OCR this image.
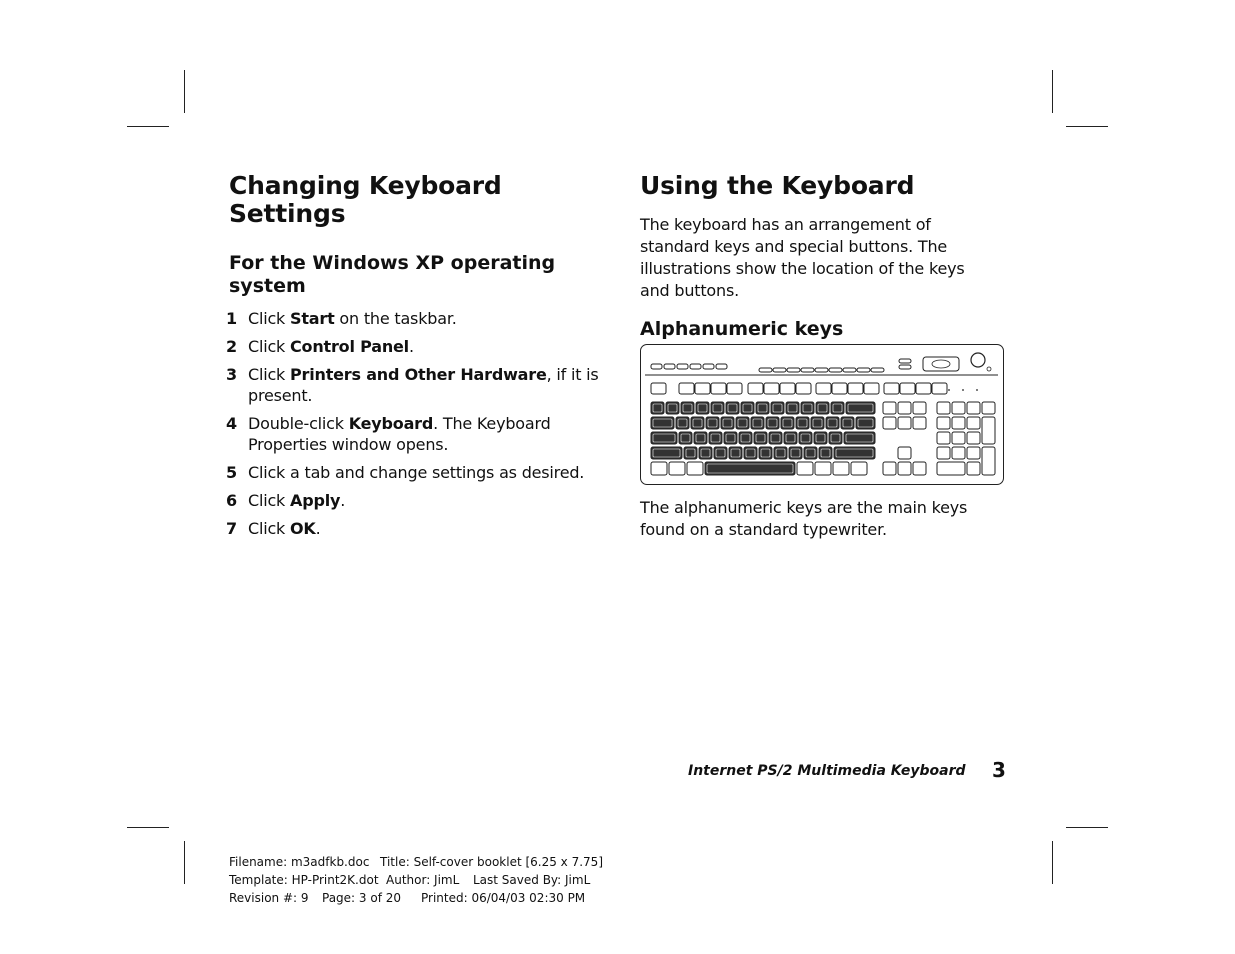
Changing Keyboard Settings
For the Windows XP operating system
1 Click Start on the taskbar.
2 Click Control Panel.
3 Click Printers and Other Hardware, if it is present.
4 Double-click Keyboard. The Keyboard Properties window opens.
5 Click a tab and change settings as desired.
6 Click Apply.
7 Click OK.
Using the Keyboard

The keyboard has an arrangement of standard keys and special buttons. The illustrations show the location of the keys and buttons.

Alphanumeric keys

The alphanumeric keys are the main keys found on a standard typewriter.

Internet PS/2 Multimedia Keyboard 3
Filename: m3adfkb.doc Title: Self-cover booklet [6.25 x 7.75]
Template: HP-Print2K.dot Author: JimL Last Saved By: JimL
Revision #: 9 Page: 3 of 20 Printed: 06/04/03 02:30 PM
